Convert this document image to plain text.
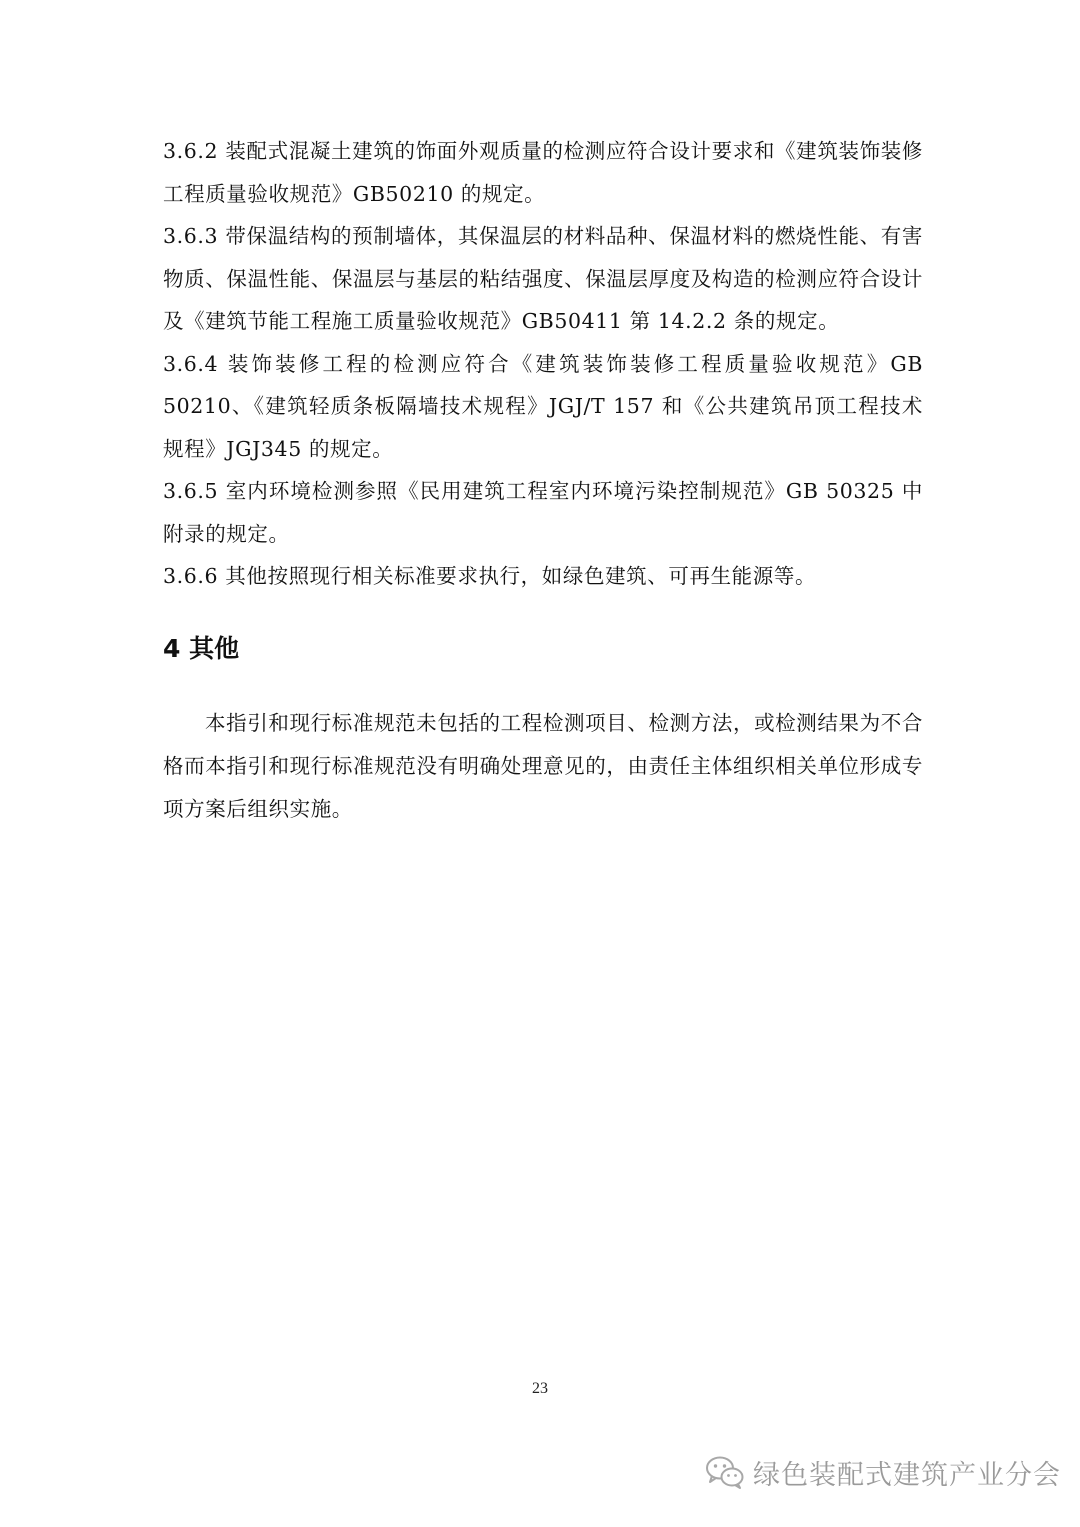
3.6.2 装配式混凝土建筑的饰面外观质量的检测应符合设计要求和《建筑装饰装修工程质量验收规范》GB50210 的规定。

3.6.3 带保温结构的预制墙体，其保温层的材料品种、保温材料的燃烧性能、有害物质、保温性能、保温层与基层的粘结强度、保温层厚度及构造的检测应符合设计及《建筑节能工程施工质量验收规范》GB50411 第 14.2.2 条的规定。

3.6.4 装饰装修工程的检测应符合《建筑装饰装修工程质量验收规范》GB 50210、《建筑轻质条板隔墙技术规程》JGJ/T 157 和《公共建筑吊顶工程技术规程》JGJ345 的规定。

3.6.5 室内环境检测参照《民用建筑工程室内环境污染控制规范》GB 50325 中附录的规定。

3.6.6 其他按照现行相关标准要求执行，如绿色建筑、可再生能源等。

4 其他

本指引和现行标准规范未包括的工程检测项目、检测方法，或检测结果为不合格而本指引和现行标准规范没有明确处理意见的，由责任主体组织相关单位形成专项方案后组织实施。

23
绿色装配式建筑产业分会
